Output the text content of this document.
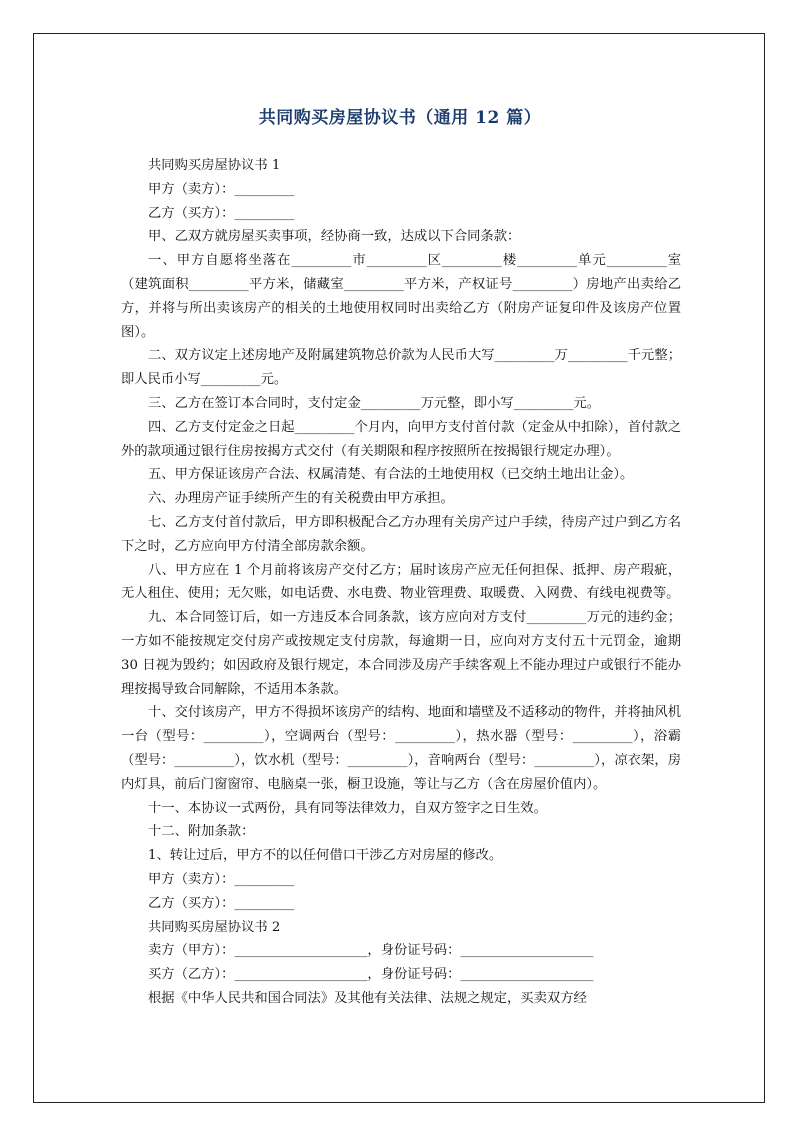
共同购买房屋协议书（通用 12 篇）

共同购买房屋协议书 1

甲方（卖方）：_________

乙方（买方）：_________

甲、乙双方就房屋买卖事项，经协商一致，达成以下合同条款：

一、甲方自愿将坐落在_________市_________区_________楼_________单元_________室（建筑面积_________平方米，储藏室_________平方米，产权证号_________）房地产出卖给乙方，并将与所出卖该房产的相关的土地使用权同时出卖给乙方（附房产证复印件及该房产位置图）。

二、双方议定上述房地产及附属建筑物总价款为人民币大写_________万_________千元整；即人民币小写_________元。

三、乙方在签订本合同时，支付定金_________万元整，即小写_________元。

四、乙方支付定金之日起_________个月内，向甲方支付首付款（定金从中扣除），首付款之外的款项通过银行住房按揭方式交付（有关期限和程序按照所在按揭银行规定办理）。

五、甲方保证该房产合法、权属清楚、有合法的土地使用权（已交纳土地出让金）。

六、办理房产证手续所产生的有关税费由甲方承担。

七、乙方支付首付款后，甲方即积极配合乙方办理有关房产过户手续，待房产过户到乙方名下之时，乙方应向甲方付清全部房款余额。

八、甲方应在 1 个月前将该房产交付乙方；届时该房产应无任何担保、抵押、房产瑕疵，无人租住、使用；无欠账，如电话费、水电费、物业管理费、取暖费、入网费、有线电视费等。

九、本合同签订后，如一方违反本合同条款，该方应向对方支付_________万元的违约金；一方如不能按规定交付房产或按规定支付房款，每逾期一日，应向对方支付五十元罚金，逾期 30 日视为毁约；如因政府及银行规定，本合同涉及房产手续客观上不能办理过户或银行不能办理按揭导致合同解除，不适用本条款。

十、交付该房产，甲方不得损坏该房产的结构、地面和墙壁及不适移动的物件，并将抽风机一台（型号：_________），空调两台（型号：_________），热水器（型号：_________），浴霸（型号：_________），饮水机（型号：_________），音响两台（型号：_________），凉衣架，房内灯具，前后门窗窗帘、电脑桌一张，橱卫设施，等让与乙方（含在房屋价值内）。

十一、本协议一式两份，具有同等法律效力，自双方签字之日生效。

十二、附加条款：

1、转让过后，甲方不的以任何借口干涉乙方对房屋的修改。

甲方（卖方）：_________

乙方（买方）：_________

共同购买房屋协议书 2

卖方（甲方）：____________________，身份证号码：____________________

买方（乙方）：____________________，身份证号码：____________________

根据《中华人民共和国合同法》及其他有关法律、法规之规定，买卖双方经
